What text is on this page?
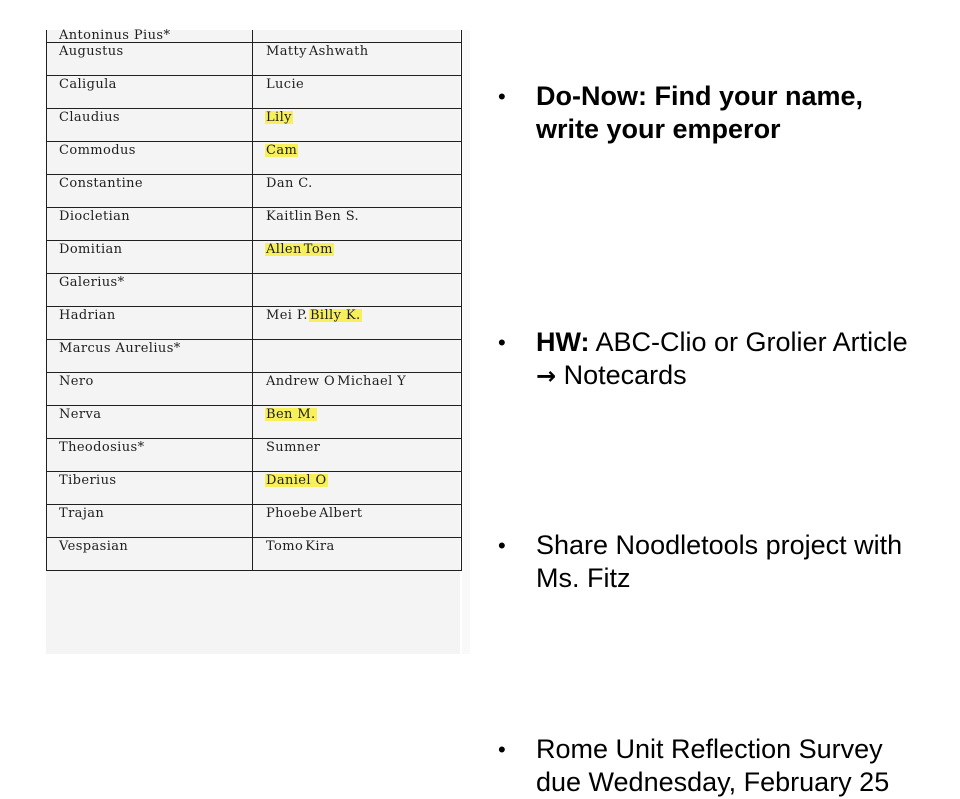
Antoninus Pius*	
Augustus	Matty Ashwath
Caligula	Lucie
Claudius	Lily
Commodus	Cam
Constantine	Dan C.
Diocletian	Kaitlin Ben S.
Domitian	Allen Tom
Galerius*	
Hadrian	Mei P. Billy K.
Marcus Aurelius*	
Nero	Andrew O Michael Y
Nerva	Ben M.
Theodosius*	Sumner
Tiberius	Daniel O
Trajan	Phoebe Albert
Vespasian	Tomo Kira
• Do-Now: Find your name, write your emperor
• HW: ABC-Clio or Grolier Article → Notecards
• Share Noodletools project with Ms. Fitz
• Rome Unit Reflection Survey due Wednesday, February 25
